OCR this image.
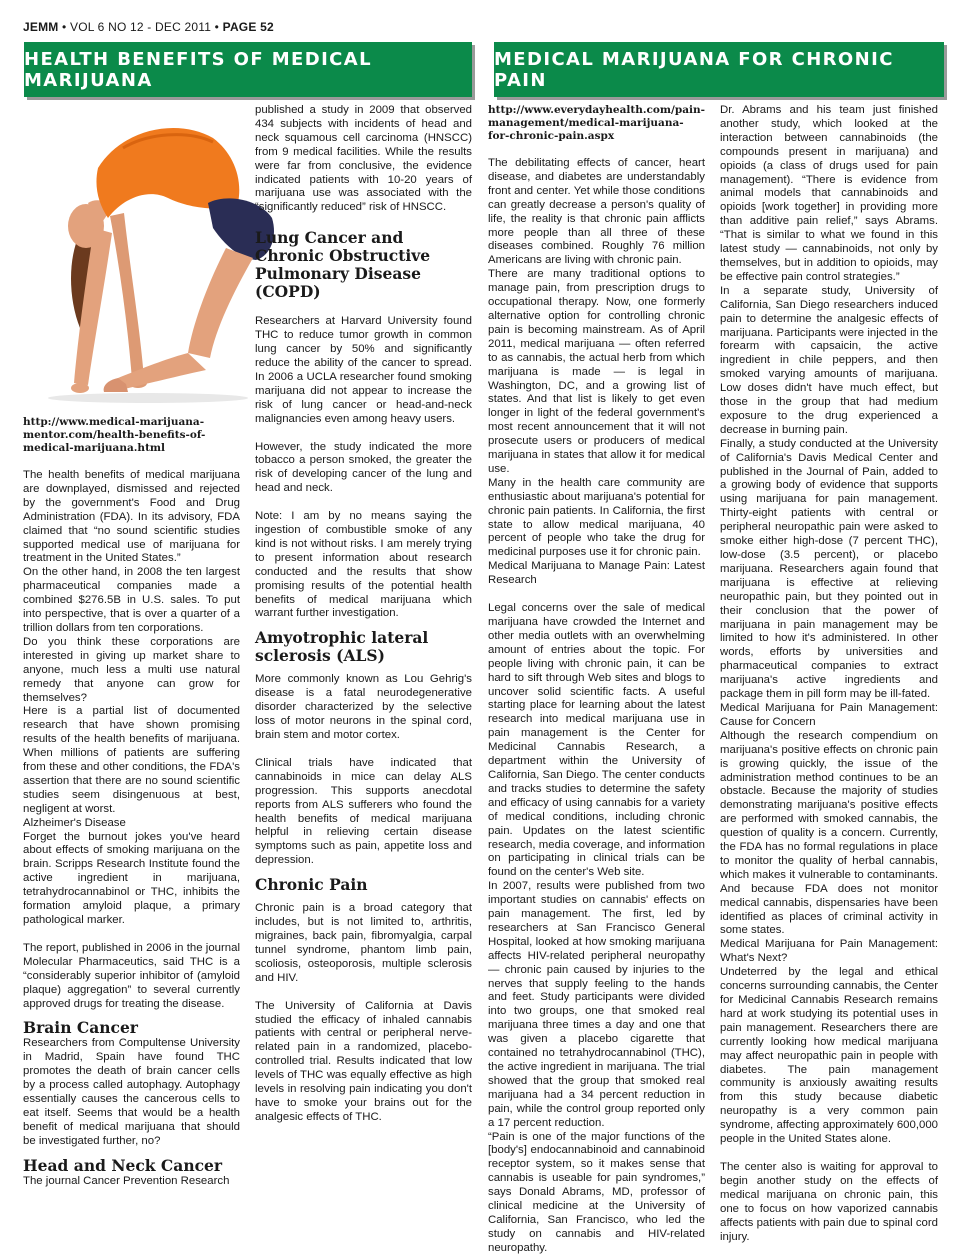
JEMM • VOL 6 NO 12 - DEC 2011 • PAGE 52
HEALTH BENEFITS OF MEDICAL MARIJUANA
MEDICAL MARIJUANA FOR CHRONIC PAIN

http://www.medical-marijuana-mentor.com/health-benefits-of-medical-marijuana.html

The health benefits of medical marijuana are downplayed, dismissed and rejected by the government's Food and Drug Administration (FDA). In its advisory, FDA claimed that “no sound scientific studies supported medical use of marijuana for treatment in the United States.”

On the other hand, in 2008 the ten largest pharmaceutical companies made a combined $276.5B in U.S. sales. To put into perspective, that is over a quarter of a trillion dollars from ten corporations.

Do you think these corporations are interested in giving up market share to anyone, much less a multi use natural remedy that anyone can grow for themselves?

Here is a partial list of documented research that have shown promising results of the health benefits of marijuana. When millions of patients are suffering from these and other conditions, the FDA's assertion that there are no sound scientific studies seem disingenuous at best, negligent at worst.

Alzheimer's Disease

Forget the burnout jokes you've heard about effects of smoking marijuana on the brain. Scripps Research Institute found the active ingredient in marijuana, tetrahydrocannabinol or THC, inhibits the formation amyloid plaque, a primary pathological marker.

The report, published in 2006 in the journal Molecular Pharmaceutics, said THC is a “considerably superior inhibitor of (amyloid plaque) aggregation” to several currently approved drugs for treating the disease.

Brain Cancer

Researchers from Compultense University in Madrid, Spain have found THC promotes the death of brain cancer cells by a process called autophagy. Autophagy essentially causes the cancerous cells to eat itself. Seems that would be a health benefit of medical marijuana that should be investigated further, no?

Head and Neck Cancer

The journal Cancer Prevention Research

published a study in 2009 that observed 434 subjects with incidents of head and neck squamous cell carcinoma (HNSCC) from 9 medical facilities. While the results were far from conclusive, the evidence indicated patients with 10-20 years of marijuana use was associated with the “significantly reduced” risk of HNSCC.

Lung Cancer and Chronic Obstructive Pulmonary Disease (COPD)

Researchers at Harvard University found THC to reduce tumor growth in common lung cancer by 50% and significantly reduce the ability of the cancer to spread. In 2006 a UCLA researcher found smoking marijuana did not appear to increase the risk of lung cancer or head-and-neck malignancies even among heavy users.

However, the study indicated the more tobacco a person smoked, the greater the risk of developing cancer of the lung and head and neck.

Note: I am by no means saying the ingestion of combustible smoke of any kind is not without risks. I am merely trying to present information about research conducted and the results that show promising results of the potential health benefits of medical marijuana which warrant further investigation.

Amyotrophic lateral sclerosis (ALS)

More commonly known as Lou Gehrig's disease is a fatal neurodegenerative disorder characterized by the selective loss of motor neurons in the spinal cord, brain stem and motor cortex.

Clinical trials have indicated that cannabinoids in mice can delay ALS progression. This supports anecdotal reports from ALS sufferers who found the health benefits of medical marijuana helpful in relieving certain disease symptoms such as pain, appetite loss and depression.

Chronic Pain

Chronic pain is a broad category that includes, but is not limited to, arthritis, migraines, back pain, fibromyalgia, carpal tunnel syndrome, phantom limb pain, scoliosis, osteoporosis, multiple sclerosis and HIV.

The University of California at Davis studied the efficacy of inhaled cannabis patients with central or peripheral nerve-related pain in a randomized, placebo-controlled trial. Results indicated that low levels of THC was equally effective as high levels in resolving pain indicating you don't have to smoke your brains out for the analgesic effects of THC.

http://www.everydayhealth.com/pain-management/medical-marijuana-for-chronic-pain.aspx

The debilitating effects of cancer, heart disease, and diabetes are understandably front and center. Yet while those conditions can greatly decrease a person's quality of life, the reality is that chronic pain afflicts more people than all three of these diseases combined. Roughly 76 million Americans are living with chronic pain.

There are many traditional options to manage pain, from prescription drugs to occupational therapy. Now, one formerly alternative option for controlling chronic pain is becoming mainstream. As of April 2011, medical marijuana — often referred to as cannabis, the actual herb from which marijuana is made — is legal in Washington, DC, and a growing list of states. And that list is likely to get even longer in light of the federal government's most recent announcement that it will not prosecute users or producers of medical marijuana in states that allow it for medical use.

Many in the health care community are enthusiastic about marijuana's potential for chronic pain patients. In California, the first state to allow medical marijuana, 40 percent of people who take the drug for medicinal purposes use it for chronic pain.

Medical Marijuana to Manage Pain: Latest Research

Legal concerns over the sale of medical marijuana have crowded the Internet and other media outlets with an overwhelming amount of entries about the topic. For people living with chronic pain, it can be hard to sift through Web sites and blogs to uncover solid scientific facts. A useful starting place for learning about the latest research into medical marijuana use in pain management is the Center for Medicinal Cannabis Research, a department within the University of California, San Diego. The center conducts and tracks studies to determine the safety and efficacy of using cannabis for a variety of medical conditions, including chronic pain. Updates on the latest scientific research, media coverage, and information on participating in clinical trials can be found on the center's Web site.

In 2007, results were published from two important studies on cannabis' effects on pain management. The first, led by researchers at San Francisco General Hospital, looked at how smoking marijuana affects HIV-related peripheral neuropathy — chronic pain caused by injuries to the nerves that supply feeling to the hands and feet. Study participants were divided into two groups, one that smoked real marijuana three times a day and one that was given a placebo cigarette that contained no tetrahydrocannabinol (THC), the active ingredient in marijuana. The trial showed that the group that smoked real marijuana had a 34 percent reduction in pain, while the control group reported only a 17 percent reduction.

“Pain is one of the major functions of the [body's] endocannabinoid and cannabinoid receptor system, so it makes sense that cannabis is useable for pain syndromes,” says Donald Abrams, MD, professor of clinical medicine at the University of California, San Francisco, who led the study on cannabis and HIV-related neuropathy.

Dr. Abrams and his team just finished another study, which looked at the interaction between cannabinoids (the compounds present in marijuana) and opioids (a class of drugs used for pain management). “There is evidence from animal models that cannabinoids and opioids [work together] in providing more than additive pain relief,” says Abrams. “That is similar to what we found in this latest study — cannabinoids, not only by themselves, but in addition to opioids, may be effective pain control strategies.”

In a separate study, University of California, San Diego researchers induced pain to determine the analgesic effects of marijuana. Participants were injected in the forearm with capsaicin, the active ingredient in chile peppers, and then smoked varying amounts of marijuana. Low doses didn't have much effect, but those in the group that had medium exposure to the drug experienced a decrease in burning pain.

Finally, a study conducted at the University of California's Davis Medical Center and published in the Journal of Pain, added to a growing body of evidence that supports using marijuana for pain management. Thirty-eight patients with central or peripheral neuropathic pain were asked to smoke either high-dose (7 percent THC), low-dose (3.5 percent), or placebo marijuana. Researchers again found that marijuana is effective at relieving neuropathic pain, but they pointed out in their conclusion that the power of marijuana in pain management may be limited to how it's administered. In other words, efforts by universities and pharmaceutical companies to extract marijuana's active ingredients and package them in pill form may be ill-fated.

Medical Marijuana for Pain Management: Cause for Concern

Although the research compendium on marijuana's positive effects on chronic pain is growing quickly, the issue of the administration method continues to be an obstacle. Because the majority of studies demonstrating marijuana's positive effects are performed with smoked cannabis, the question of quality is a concern. Currently, the FDA has no formal regulations in place to monitor the quality of herbal cannabis, which makes it vulnerable to contaminants. And because FDA does not monitor medical cannabis, dispensaries have been identified as places of criminal activity in some states.

Medical Marijuana for Pain Management: What's Next?

Undeterred by the legal and ethical concerns surrounding cannabis, the Center for Medicinal Cannabis Research remains hard at work studying its potential uses in pain management. Researchers there are currently looking how medical marijuana may affect neuropathic pain in people with diabetes. The pain management community is anxiously awaiting results from this study because diabetic neuropathy is a very common pain syndrome, affecting approximately 600,000 people in the United States alone.

The center also is waiting for approval to begin another study on the effects of medical marijuana on chronic pain, this one to focus on how vaporized cannabis affects patients with pain due to spinal cord injury.
